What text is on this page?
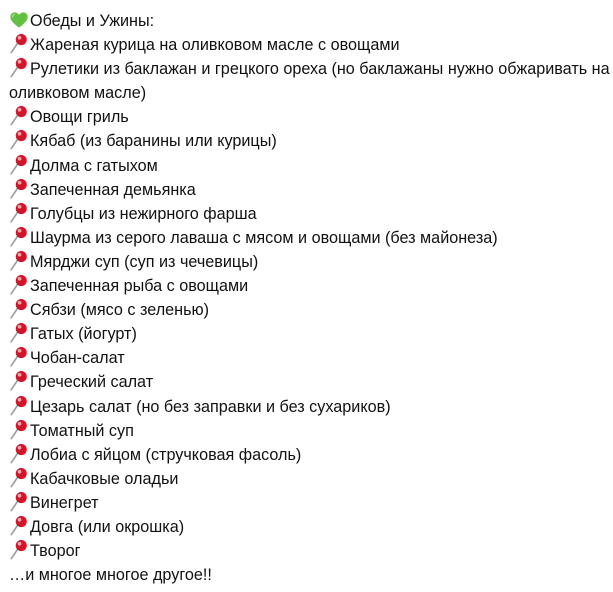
Обеды и Ужины:
Жареная курица на оливковом масле с овощами
Рулетики из баклажан и грецкого ореха (но баклажаны нужно обжаривать на оливковом масле)
Овощи гриль
Кябаб (из баранины или курицы)
Долма с гатыхом
Запеченная демьянка
Голубцы из нежирного фарша
Шаурма из серого лаваша с мясом и овощами (без майонеза)
Мярджи суп (суп из чечевицы)
Запеченная рыба с овощами
Сябзи (мясо с зеленью)
Гатых (йогурт)
Чобан-салат
Греческий салат
Цезарь салат (но без заправки и без сухариков)
Томатный суп
Лобиа с яйцом (стручковая фасоль)
Кабачковые оладьи
Винегрет
Довга (или окрошка)
Творог
…и многое многое другое!!
